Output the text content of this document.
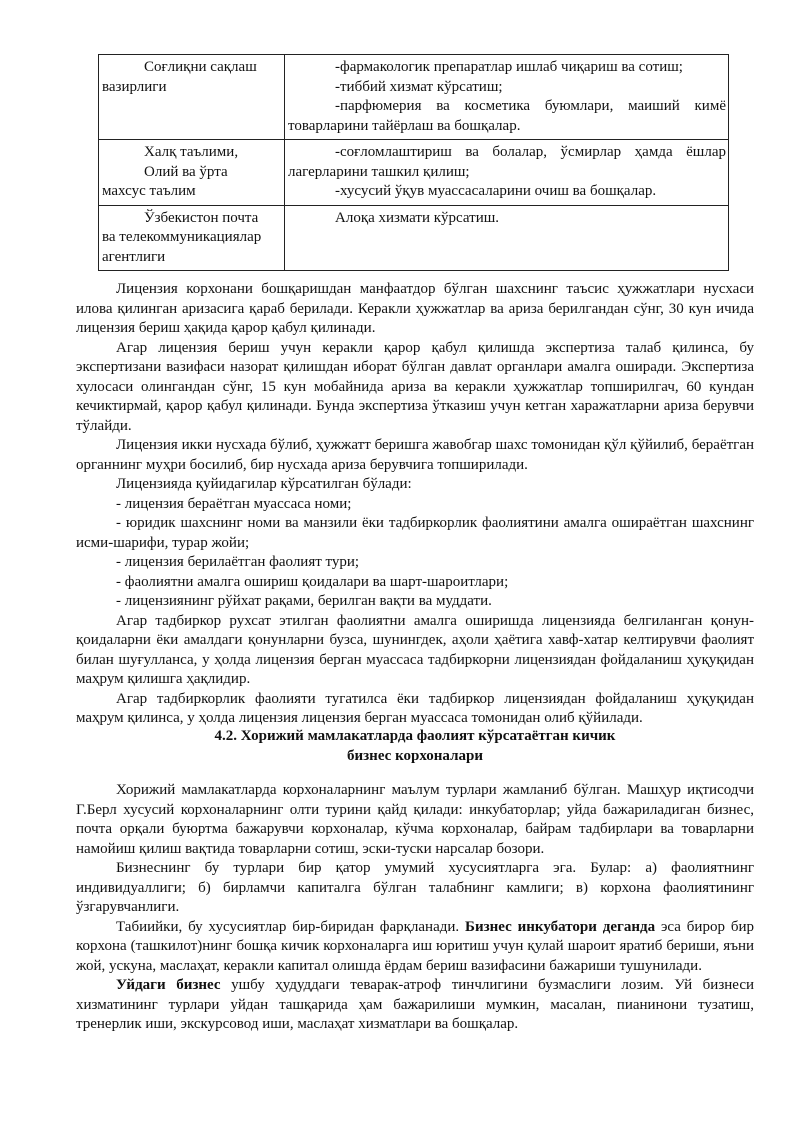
Соғлиқни сақлаш
вазирлиги	-фармакологик препаратлар ишлаб чиқариш ва сотиш;
-тиббий хизмат кўрсатиш;
-парфюмерия ва косметика буюмлари, маиший кимё товарларини тайёрлаш ва бошқалар.

Халқ таълими,
Олий ва ўрта
махсус таълим	-соғломлаштириш ва болалар, ўсмирлар ҳамда ёшлар лагерларини ташкил қилиш;
-хусусий ўқув муассасаларини очиш ва бошқалар.

Ўзбекистон почта
ва телекоммуникациялар
агентлиги	Алоқа хизмати кўрсатиш.

Лицензия корхонани бошқаришдан манфаатдор бўлган шахснинг таъсис ҳужжатлари нусхаси илова қилинган аризасига қараб берилади. Керакли ҳужжатлар ва ариза берилгандан сўнг, 30 кун ичида лицензия бериш ҳақида қарор қабул қилинади.

Агар лицензия бериш учун керакли қарор қабул қилишда экспертиза талаб қилинса, бу экспертизани вазифаси назорат қилишдан иборат бўлган давлат органлари амалга оширади. Экспертиза хулосаси олингандан сўнг, 15 кун мобайнида ариза ва керакли ҳужжатлар топширилгач, 60 кундан кечиктирмай, қарор қабул қилинади. Бунда экспертиза ўтказиш учун кетган харажатларни ариза берувчи тўлайди.

Лицензия икки нусхада бўлиб, ҳужжатт беришга жавобгар шахс томонидан қўл қўйилиб, бераётган органнинг муҳри босилиб, бир нусхада ариза берувчига топширилади.

Лицензияда қуйидагилар кўрсатилган бўлади:

- лицензия бераётган муассаса номи;

- юридик шахснинг номи ва манзили ёки тадбиркорлик фаолиятини амалга ошираётган шахснинг исми-шарифи, турар жойи;

- лицензия берилаётган фаолият тури;

- фаолиятни амалга ошириш қоидалари ва шарт-шароитлари;

- лицензиянинг рўйхат рақами, берилган вақти ва муддати.

Агар тадбиркор рухсат этилган фаолиятни амалга оширишда лицензияда белгиланган қонун-қоидаларни ёки амалдаги қонунларни бузса, шунингдек, аҳоли ҳаётига хавф-хатар келтирувчи фаолият билан шуғулланса, у ҳолда лицензия берган муассаса тадбиркорни лицензиядан фойдаланиш ҳуқуқидан маҳрум қилишга ҳақлидир.

Агар тадбиркорлик фаолияти тугатилса ёки тадбиркор лицензиядан фойдаланиш ҳуқуқидан маҳрум қилинса, у ҳолда лицензия лицензия берган муассаса томонидан олиб қўйилади.

4.2. Хорижий мамлакатларда фаолият кўрсатаётган кичик
бизнес корхоналари

Хорижий мамлакатларда корхоналарнинг маълум турлари жамланиб бўлган. Машҳур иқтисодчи Г.Берл хусусий корхоналарнинг олти турини қайд қилади: инкубаторлар; уйда бажариладиган бизнес, почта орқали буюртма бажарувчи корхоналар, кўчма корхоналар, байрам тадбирлари ва товарларни намойиш қилиш вақтида товарларни сотиш, эски-туски нарсалар бозори.

Бизнеснинг бу турлари бир қатор умумий хусусиятларга эга. Булар: а) фаолиятнинг индивидуаллиги; б) бирламчи капиталга бўлган талабнинг камлиги; в) корхона фаолиятининг ўзгарувчанлиги.

Табиийки, бу хусусиятлар бир-биридан фарқланади. Бизнес инкубатори деганда эса бирор бир корхона (ташкилот)нинг бошқа кичик корхоналарга иш юритиш учун қулай шароит яратиб бериши, яъни жой, ускуна, маслаҳат, керакли капитал олишда ёрдам бериш вазифасини бажариши тушунилади.

Уйдаги бизнес ушбу ҳудуддаги теварак-атроф тинчлигини бузмаслиги лозим. Уй бизнеси хизматининг турлари уйдан ташқарида ҳам бажарилиши мумкин, масалан, пианинони тузатиш, тренерлик иши, экскурсовод иши, маслаҳат хизматлари ва бошқалар.
